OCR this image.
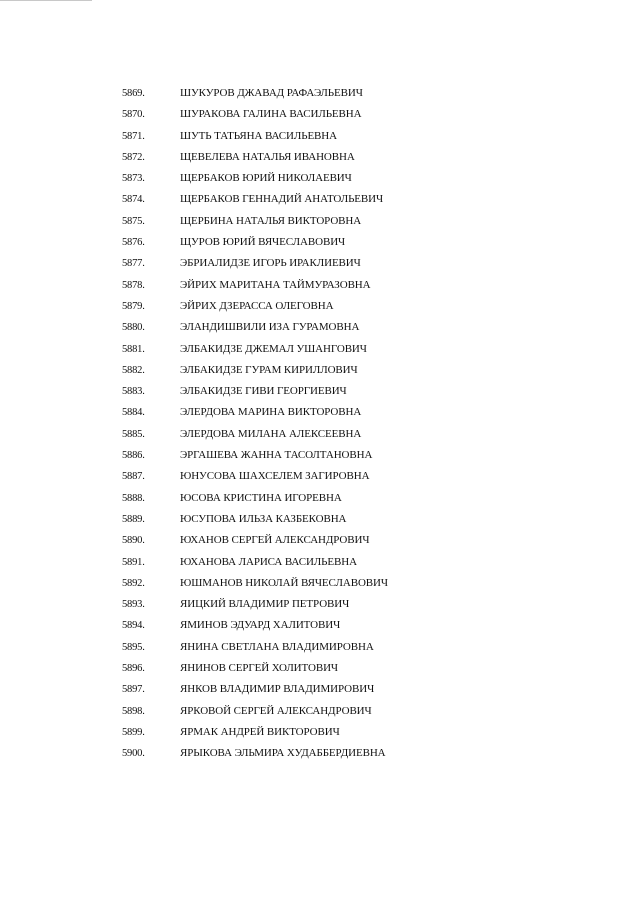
5869.	ШУКУРОВ ДЖАВАД РАФАЭЛЬЕВИЧ
5870.	ШУРАКОВА ГАЛИНА ВАСИЛЬЕВНА
5871.	ШУТЬ ТАТЬЯНА ВАСИЛЬЕВНА
5872.	ЩЕВЕЛЕВА НАТАЛЬЯ ИВАНОВНА
5873.	ЩЕРБАКОВ ЮРИЙ НИКОЛАЕВИЧ
5874.	ЩЕРБАКОВ ГЕННАДИЙ АНАТОЛЬЕВИЧ
5875.	ЩЕРБИНА НАТАЛЬЯ ВИКТОРОВНА
5876.	ЩУРОВ ЮРИЙ ВЯЧЕСЛАВОВИЧ
5877.	ЭБРИАЛИДЗЕ ИГОРЬ ИРАКЛИЕВИЧ
5878.	ЭЙРИХ МАРИТАНА ТАЙМУРАЗОВНА
5879.	ЭЙРИХ ДЗЕРАССА ОЛЕГОВНА
5880.	ЭЛАНДИШВИЛИ ИЗА ГУРАМОВНА
5881.	ЭЛБАКИДЗЕ ДЖЕМАЛ УШАНГОВИЧ
5882.	ЭЛБАКИДЗЕ ГУРАМ КИРИЛЛОВИЧ
5883.	ЭЛБАКИДЗЕ ГИВИ ГЕОРГИЕВИЧ
5884.	ЭЛЕРДОВА МАРИНА ВИКТОРОВНА
5885.	ЭЛЕРДОВА МИЛАНА АЛЕКСЕЕВНА
5886.	ЭРГАШЕВА ЖАННА ТАСОЛТАНОВНА
5887.	ЮНУСОВА ШАХСЕЛЕМ ЗАГИРОВНА
5888.	ЮСОВА КРИСТИНА ИГОРЕВНА
5889.	ЮСУПОВА ИЛЬЗА КАЗБЕКОВНА
5890.	ЮХАНОВ СЕРГЕЙ АЛЕКСАНДРОВИЧ
5891.	ЮХАНОВА ЛАРИСА ВАСИЛЬЕВНА
5892.	ЮШМАНОВ НИКОЛАЙ ВЯЧЕСЛАВОВИЧ
5893.	ЯИЦКИЙ ВЛАДИМИР ПЕТРОВИЧ
5894.	ЯМИНОВ ЭДУАРД ХАЛИТОВИЧ
5895.	ЯНИНА СВЕТЛАНА ВЛАДИМИРОВНА
5896.	ЯНИНОВ СЕРГЕЙ ХОЛИТОВИЧ
5897.	ЯНКОВ ВЛАДИМИР ВЛАДИМИРОВИЧ
5898.	ЯРКОВОЙ СЕРГЕЙ АЛЕКСАНДРОВИЧ
5899.	ЯРМАК АНДРЕЙ ВИКТОРОВИЧ
5900.	ЯРЫКОВА ЭЛЬМИРА ХУДАББЕРДИЕВНА
